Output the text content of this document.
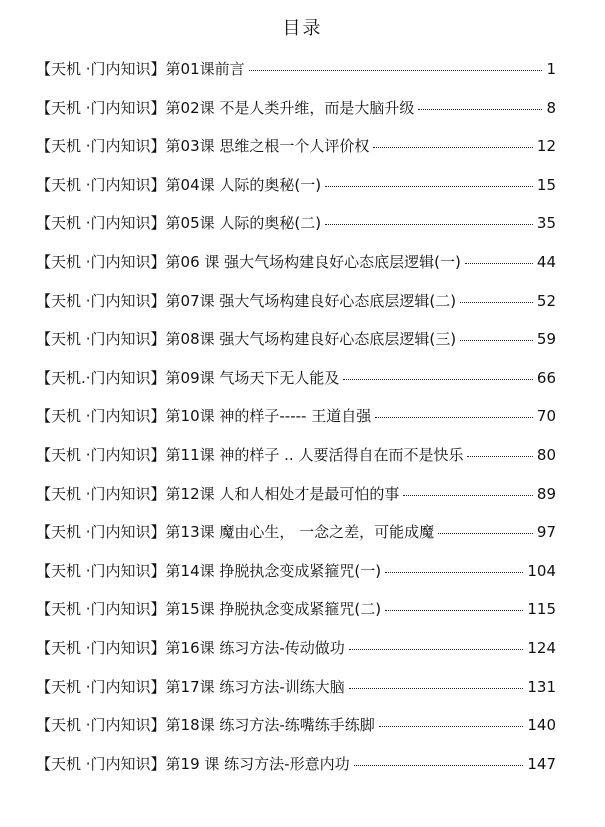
目录
【天机 ·门内知识】第01课前言	1
【天机 ·门内知识】第02课 不是人类升维，而是大脑升级	8
【天机 ·门内知识】第03课 思维之根一个人评价权	12
【天机 ·门内知识】第04课 人际的奥秘(一)	15
【天机 ·门内知识】第05课 人际的奥秘(二)	35
【天机 ·门内知识】第06 课 强大气场构建良好心态底层逻辑(一)	44
【天机 ·门内知识】第07课 强大气场构建良好心态底层逻辑(二)	52
【天机 ·门内知识】第08课 强大气场构建良好心态底层逻辑(三)	59
【天机.·门内知识】第09课 气场天下无人能及	66
【天机 ·门内知识】第10课 神的样子----- 王道自强	70
【天机 ·门内知识】第11课 神的样子 .. 人要活得自在而不是快乐	80
【天机 ·门内知识】第12课 人和人相处才是最可怕的事	89
【天机 ·门内知识】第13课 魔由心生， 一念之差，可能成魔	97
【天机 ·门内知识】第14课 挣脱执念变成紧箍咒(一)	104
【天机 ·门内知识】第15课 挣脱执念变成紧箍咒(二)	115
【天机 ·门内知识】第16课 练习方法-传动做功	124
【天机 ·门内知识】第17课 练习方法-训练大脑	131
【天机 ·门内知识】第18课 练习方法-练嘴练手练脚	140
【天机 ·门内知识】第19 课 练习方法-形意内功	147
